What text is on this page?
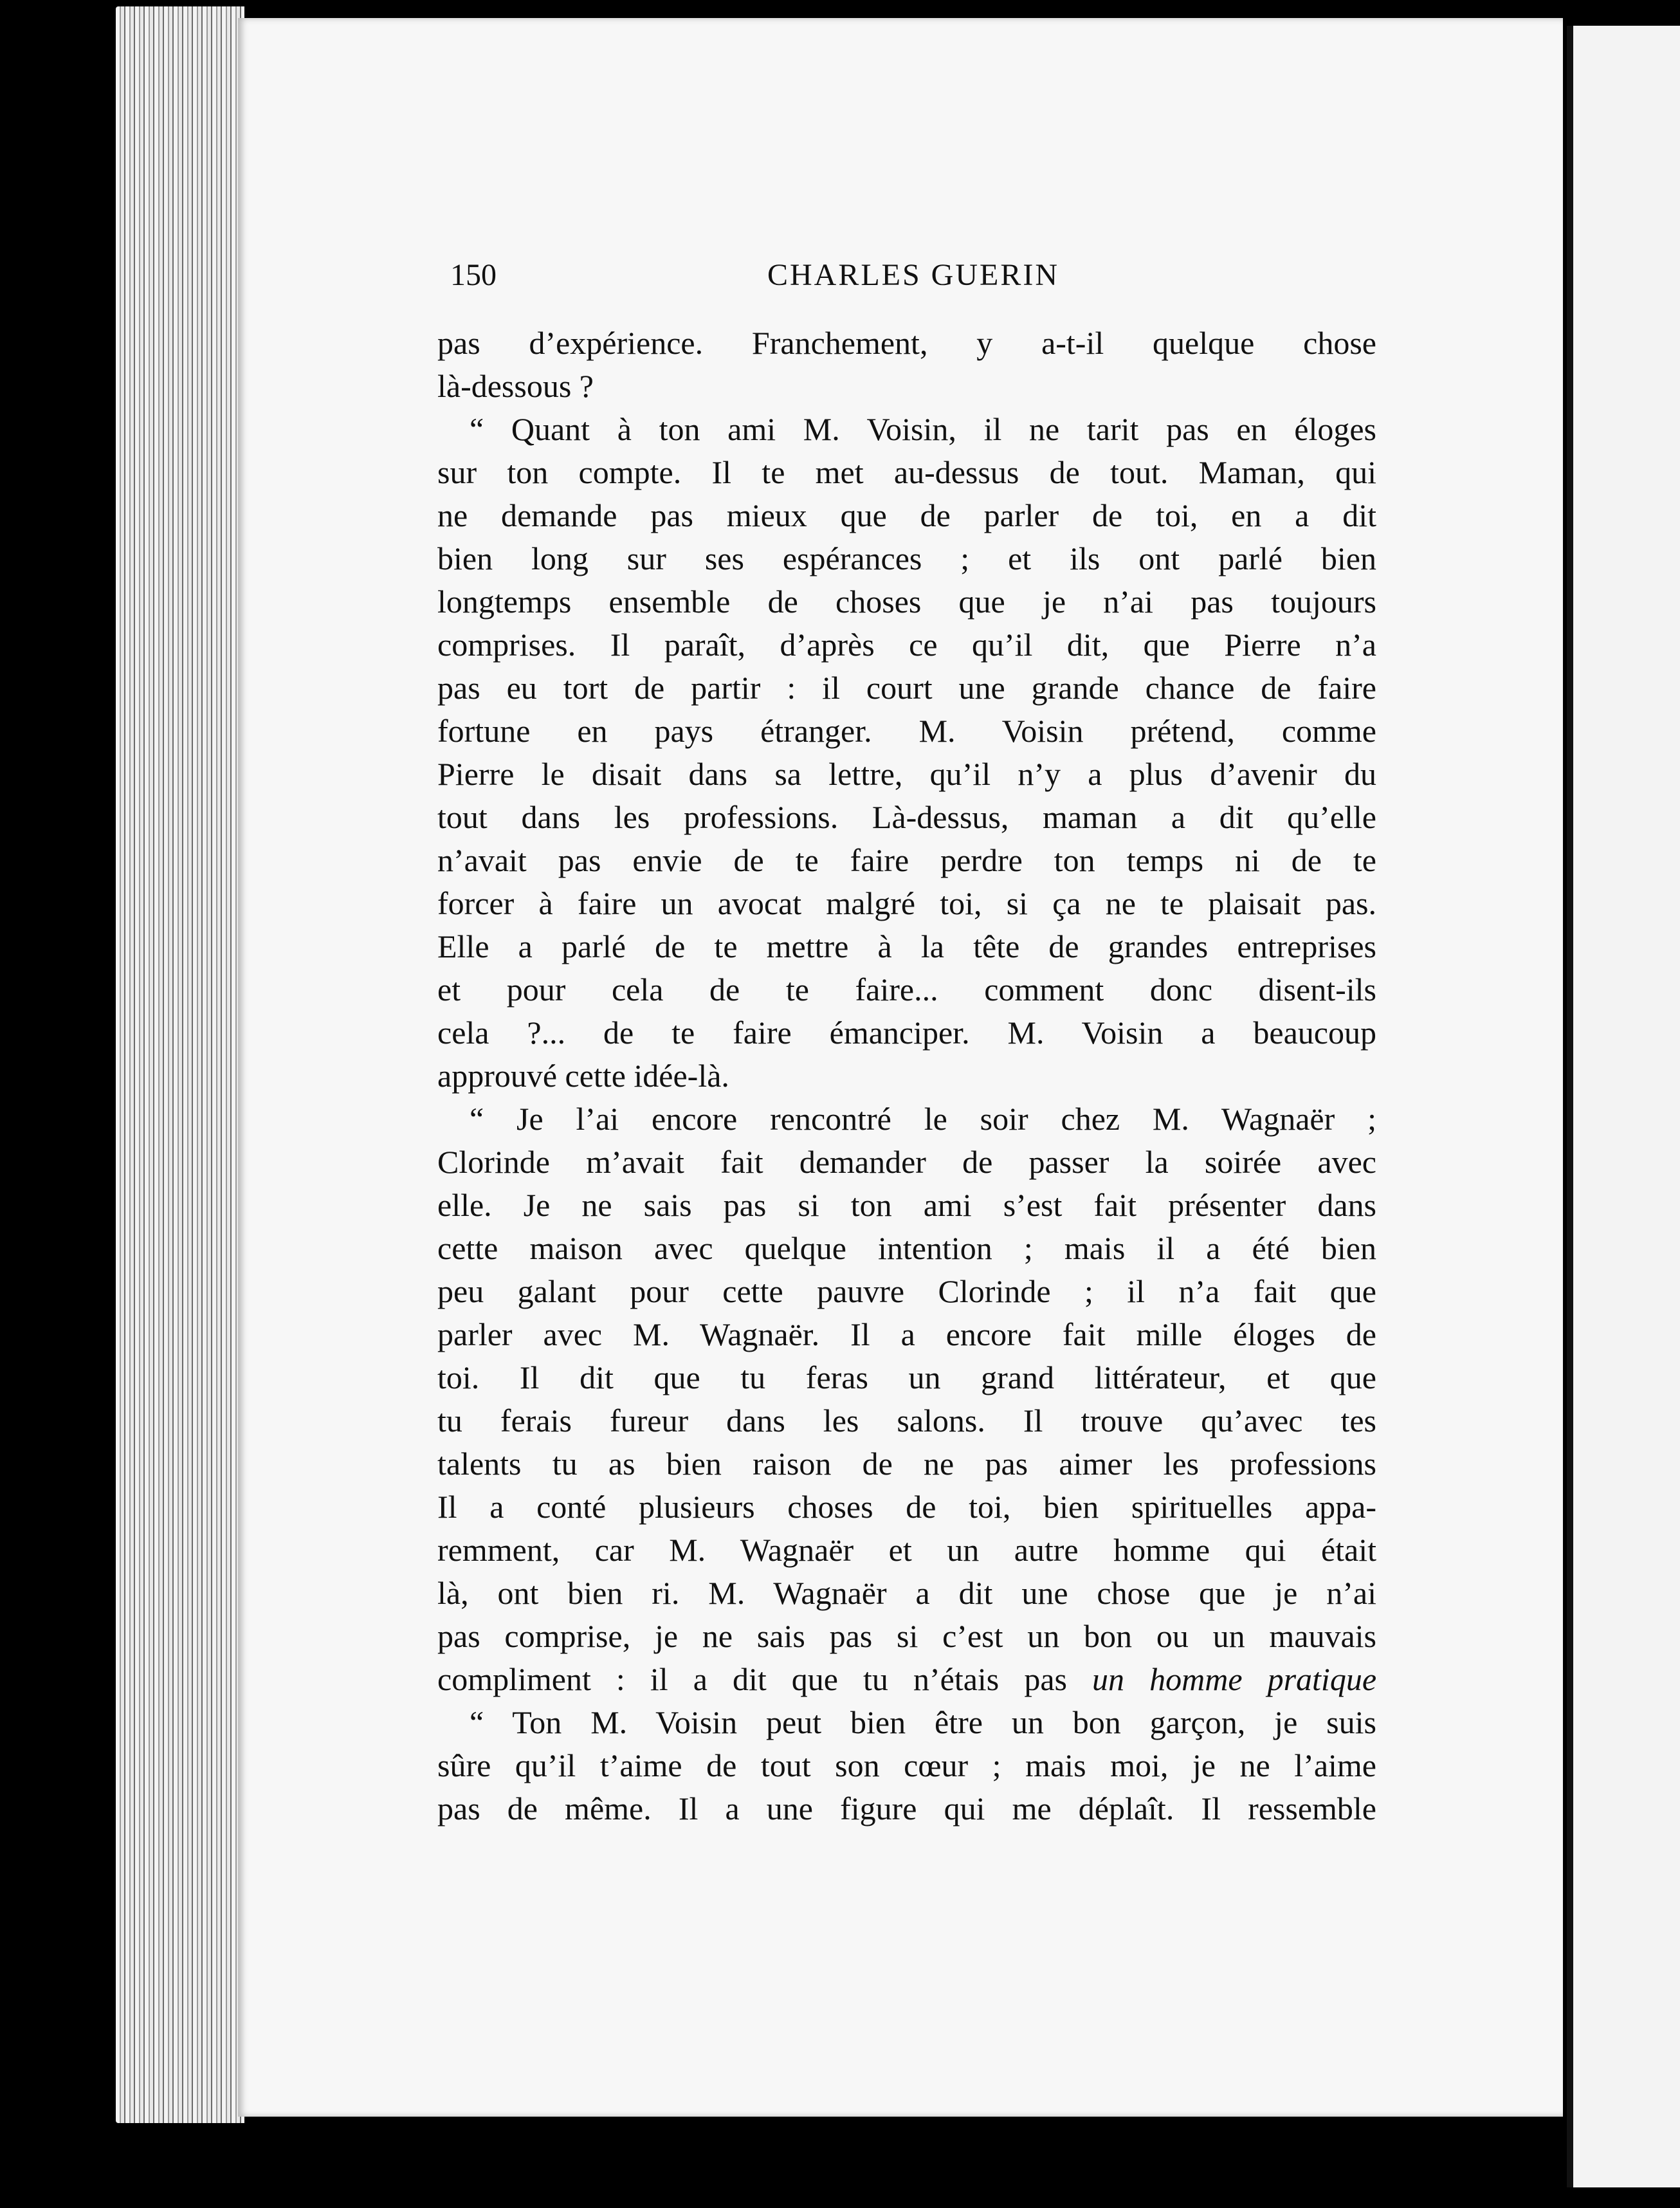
150	CHARLES GUERIN
pas d’expérience. Franchement, y a-t-il quelque chose
là-dessous ?
“ Quant à ton ami M. Voisin, il ne tarit pas en éloges
sur ton compte. Il te met au-dessus de tout. Maman, qui
ne demande pas mieux que de parler de toi, en a dit
bien long sur ses espérances ; et ils ont parlé bien
longtemps ensemble de choses que je n’ai pas toujours
comprises. Il paraît, d’après ce qu’il dit, que Pierre n’a
pas eu tort de partir : il court une grande chance de faire
fortune en pays étranger. M. Voisin prétend, comme
Pierre le disait dans sa lettre, qu’il n’y a plus d’avenir du
tout dans les professions. Là-dessus, maman a dit qu’elle
n’avait pas envie de te faire perdre ton temps ni de te
forcer à faire un avocat malgré toi, si ça ne te plaisait pas.
Elle a parlé de te mettre à la tête de grandes entreprises
et pour cela de te faire... comment donc disent-ils
cela ?... de te faire émanciper. M. Voisin a beaucoup
approuvé cette idée-là.
“ Je l’ai encore rencontré le soir chez M. Wagnaër ;
Clorinde m’avait fait demander de passer la soirée avec
elle. Je ne sais pas si ton ami s’est fait présenter dans
cette maison avec quelque intention ; mais il a été bien
peu galant pour cette pauvre Clorinde ; il n’a fait que
parler avec M. Wagnaër. Il a encore fait mille éloges de
toi. Il dit que tu feras un grand littérateur, et que
tu ferais fureur dans les salons. Il trouve qu’avec tes
talents tu as bien raison de ne pas aimer les professions
Il a conté plusieurs choses de toi, bien spirituelles appa-
remment, car M. Wagnaër et un autre homme qui était
là, ont bien ri. M. Wagnaër a dit une chose que je n’ai
pas comprise, je ne sais pas si c’est un bon ou un mauvais
compliment : il a dit que tu n’étais pas un homme pratique
“ Ton M. Voisin peut bien être un bon garçon, je suis
sûre qu’il t’aime de tout son cœur ; mais moi, je ne l’aime
pas de même. Il a une figure qui me déplaît. Il ressemble
